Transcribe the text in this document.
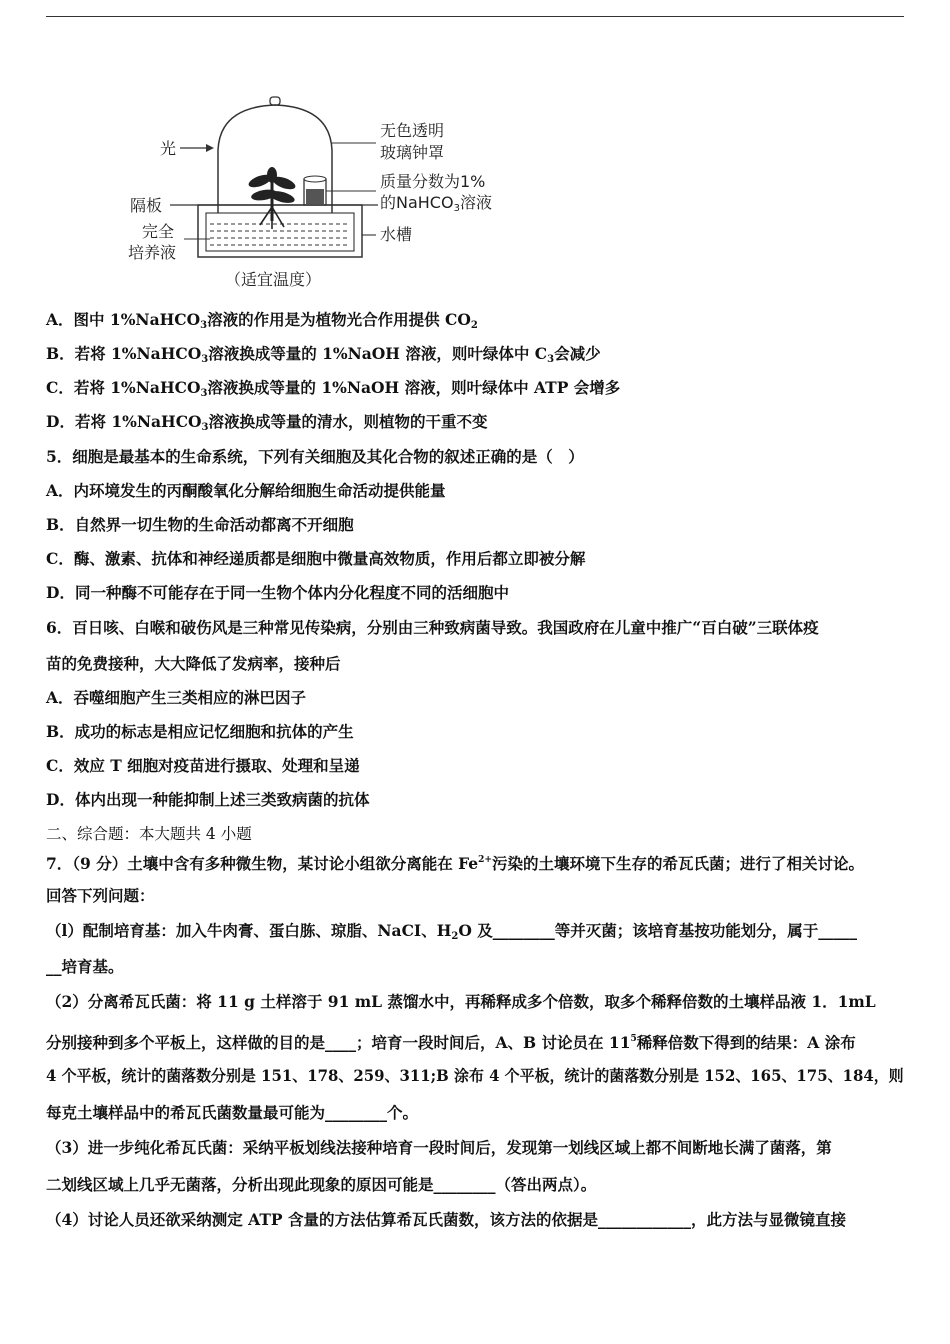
光
无色透明
玻璃钟罩
质量分数为1%
的NaHCO3溶液
隔板
完全
培养液
水槽
（适宜温度）
A．图中 1%NaHCO$_3$溶液的作用是为植物光合作用提供 $CO_2$
B．若将 1%NaHCO$_3$溶液换成等量的 1%NaOH 溶液，则叶绿体中 $C_3$会减少
C．若将 1%NaHCO$_3$溶液换成等量的 1%NaOH 溶液，则叶绿体中 ATP 会增多
D．若将 1%NaHCO$_3$溶液换成等量的清水，则植物的干重不变
5．细胞是最基本的生命系统，下列有关细胞及其化合物的叙述正确的是（　）
A．内环境发生的丙酮酸氧化分解给细胞生命活动提供能量
B．自然界一切生物的生命活动都离不开细胞
C．酶、激素、抗体和神经递质都是细胞中微量高效物质，作用后都立即被分解
D．同一种酶不可能存在于同一生物个体内分化程度不同的活细胞中
6．百日咳、白喉和破伤风是三种常见传染病，分别由三种致病菌导致。我国政府在儿童中推广“百白破”三联体疫
苗的免费接种，大大降低了发病率，接种后
A．吞噬细胞产生三类相应的淋巴因子
B．成功的标志是相应记忆细胞和抗体的产生
C．效应 T 细胞对疫苗进行摄取、处理和呈递
D．体内出现一种能抑制上述三类致病菌的抗体
二、综合题：本大题共 4 小题
7．（9 分）土壤中含有多种微生物，某讨论小组欲分离能在 $Fe^{2+}$污染的土壤环境下生存的希瓦氏菌；进行了相关讨论。
回答下列问题：
（l）配制培育基：加入牛肉膏、蛋白胨、琼脂、NaCI、$H_2O$ 及________等并灭菌；该培育基按功能划分，属于_____
__培育基。
（2）分离希瓦氏菌：将 11 g 土样溶于 91 mL 蒸馏水中，再稀释成多个倍数，取多个稀释倍数的土壤样品液 1．1mL
分别接种到多个平板上，这样做的目的是____；培育一段时间后，A、B 讨论员在 $11^5$稀释倍数下得到的结果：A 涂布
4 个平板，统计的菌落数分别是 151、178、259、311;B 涂布 4 个平板，统计的菌落数分别是 152、165、175、184，则
每克土壤样品中的希瓦氏菌数量最可能为________个。
（3）进一步纯化希瓦氏菌：采纳平板划线法接种培育一段时间后，发现第一划线区域上都不间断地长满了菌落，第
二划线区域上几乎无菌落，分析出现此现象的原因可能是________（答出两点）。
（4）讨论人员还欲采纳测定 ATP 含量的方法估算希瓦氏菌数，该方法的依据是____________，此方法与显微镜直接
